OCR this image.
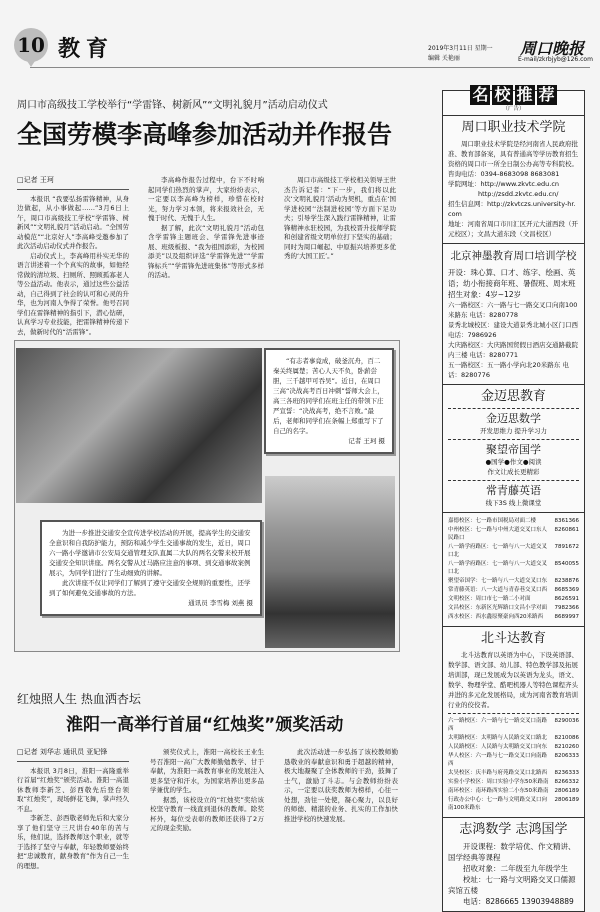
10 教育	2019年3月11日 星期一
编辑 关艳丽
周口晚报
E-mail/zkrbjyb@126.com
周口市高级技工学校举行“学雷锋、树新风”“文明礼貌月”活动启动仪式
全国劳模李高峰参加活动并作报告
□记者 王珂

本报讯 “我要弘扬雷锋精神，从身边做起，从小事做起……”3月6日上午，周口市高级技工学校“学雷锋、树新风”“文明礼貌月”活动启动。“全国劳动模范”“北京好人”李高峰受邀参加了此次活动启动仪式并作报告。

启动仪式上，李高峰用朴实无华的语言讲述着一个个真实的故事，如他经常做的清垃圾、扫厕所、照顾孤寡老人等公益活动。他表示，通过这些公益活动，自己得到了社会的认可和心灵的升华，也为河南人争得了荣誉。他号召同学们在雷锋精神的指引下，潜心钻研，认真学习专业技能，把雷锋精神传递下去，做新时代的“活雷锋”。

李高峰作报告过程中，台下不时响起同学们热烈的掌声，大家纷纷表示，一定要以李高峰为榜样，珍惜在校时光，努力学习本领，将来报效社会，无愧于时代、无愧于人生。

据了解，此次“文明礼貌月”活动包含学雷锋主题班会、学雷锋先进事迹展、班级板报、“我为祖国添彩，为校园添美”以及组织评选“学雷锋先进”“学雷锋标兵”“学雷锋先进班集体”等形式多样的活动。

周口市高级技工学校相关领导王世杰告诉记者：“下一步，我们将以此次‘文明礼貌月’活动为契机，重点在‘国学进校园’‘法制进校园’等方面下足功夫；引导学生深入践行雷锋精神，让雷锋精神永驻校园，为我校晋升技师学院和创建省级文明单位打下坚实的基础；同时为周口崛起、中原振兴培养更多优秀的‘大国工匠’。”

“有志者事竟成，破釜沉舟，百二秦关终属楚；苦心人天不负，卧薪尝胆，三千越甲可吞吴”。近日，在周口三高“决战高考百日冲刺”誓师大会上，高三各班的同学们在班主任的带领下庄严宣誓：“决战高考，绝不言败。”最后，老师和同学们在条幅上郑重写下了自己的名字。

记者 王珂 摄

为进一步推进交通安全宣传进学校活动的开展，提高学生的交通安全意识和自我防护能力，预防和减少学生交通事故的发生，近日，周口六一路小学邀请市公安局交通管理支队直属二大队的两名交警来校开展交通安全知识讲座。两名交警从过马路应注意的事项、到交通事故案例展示，为同学们进行了生动细致的讲解。

此次讲座不仅让同学们了解到了遵守交通安全规则的重要性，还学到了如何避免交通事故的方法。

通讯员 李雪梅 刘燕 摄
红烛照人生 热血洒杏坛
淮阳一高举行首届“红烛奖”颁奖活动
□记者 刘华志 通讯员 亚妃锋

本报讯 3月8日，淮阳一高隆重举行首届“红烛奖”颁奖活动。淮阳一高退休教师李新芝、彭西敬先后登台领取“红烛奖”，现场鲜花飞舞，掌声经久不息。

李新芝、彭西敬老师先后和大家分享了他们坚守三尺讲台40年的苦与乐，他们说，选择教师这个职业，就等于选择了坚守与奉献，年轻教师要始终把“忠诚教育，献身教育”作为自己一生的理想。

颁奖仪式上，淮阳一高校长王业生号召淮阳一高广大教师勤勉教学、甘于奉献，为淮阳一高教育事业的发展注入更多坚守和汗水，为国家培养出更多品学兼优的学生。

据悉，该校设立的“红烛奖”奖给该校坚守教育一线直到退休的教师。除奖杯外，每位受表彰的教师还获得了2万元的现金奖励。

此次活动进一步弘扬了该校教师勤恳敬业的奉献意识和勇于超越的精神，极大地凝聚了全体教师的干劲，鼓舞了士气，激励了斗志。与会教师纷纷表示，一定要以获奖教师为榜样，心往一处想，劲往一处使，凝心聚力，以良好的师德、精湛的业务、扎实的工作加快推进学校的快速发展。

名 校 推 荐
（广告）
周口职业技术学院

周口职业技术学院是经河南省人民政府批准、教育部备案，具有普通高等学历教育招生资格的周口市一所全日制公办高等专科院校。

咨询电话：0394-8683098 8683081
学院网址：http://www.zkvtc.edu.cn
http://zsdd.zkvtc.edu.cn/
招生信息网：http://zkvtczs.university-hr.com
地址：河南省周口市川汇区开元大道西段（开元校区）；文昌大道东段（文昌校区）
北京神墨教育周口培训学校
开设：珠心算、口才、练字、绘画、英语；幼小衔接商年班、暑假班、周末班
招生对象：4岁~12岁
六一路校区：六一路与七一路交叉口向南100米路东 电话：8280778
景秀北城校区：建设大道景秀北城小区门口西 电话：7986926
大庆路校区：大庆路国贸假日酒店交通路截院内三楼 电话：8280771
五一路校区：五一路小学向北20米路东 电话：8280776
金迈思教育
金迈思数学
开发思维力 提升学习力
聚望帝国学
●国学●作文●阅读
作文让成长更精彩
常青藤英语
线下3S 线上微课堂
嘉德校区：七一路市国税局对面二楼	8361366
中州校区：七一路与中州大道交叉口东人民路口
8260861
八一路学府路区：七一路与八一大道交叉口北
7891672
八一路学府路区：七一路与八一大道交叉口北
8540055
聚望帝国学：七一路与八一大道交叉口东 8238876
常青藤英语：八一大道与青春巷交叉口西 8685369
文明校区：周口市七一路二小对面	8626591
文昌校区：东新区光辉路口文昌小学对面 7982366
西水校区：西水鑫原聚豪向西20米路西 8689997
北斗达教育

北斗达教育以英语为中心，下设英语部、数学部、语文部、幼儿部、特色教学部及拓展培训部，现已发展成为以英语为龙头，语文、数学、物理学堂、酷吧机器人等特色课程齐头并进的多元化发展格局，成为河南省教育培训行业的佼佼者。

六一路校区：六一路与七一路交叉口南路西
8290036
太明路校区：太明路与人民路交叉口路北 8210086
人民路校区：人民路与太明路交叉口向东 8210260
华人校区：六一路与七一路交叉口向南路西
8206333
太昊校区：庆丰路与府苑路交叉口北路西 8236333
实验小学校区：周口实验小学东50米路南 8266332
南环校区：南环路西实验二小东50米路南 2806189
行政办公中心：七一路与文明路交叉口向南100米路东
2806189
志鸿数学 志鸿国学

开设课程：数学培优、作文精讲、国学经典等课程

招收对象：二年级至九年级学生

校址：七一路与文明路交叉口儒源宾馆五楼

电话：8286665 13903948889
